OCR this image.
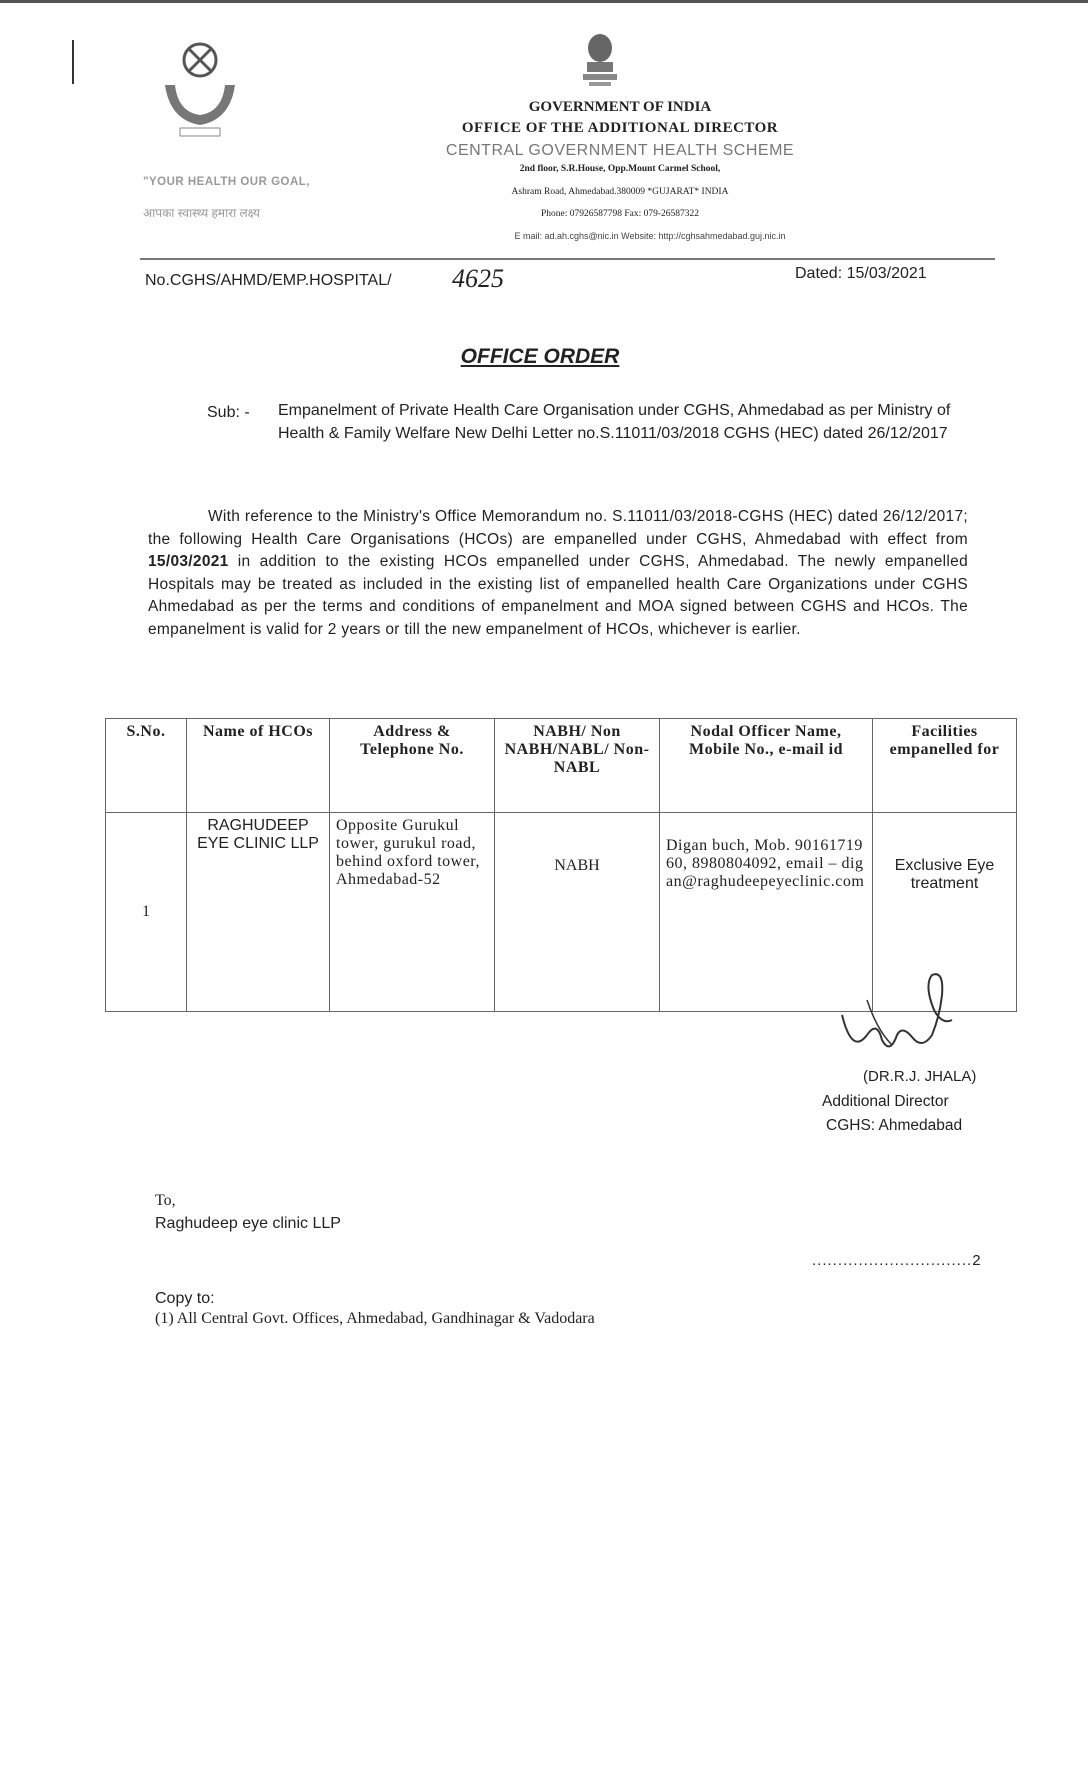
"YOUR HEALTH OUR GOAL,
आपका स्वास्थ्य हमारा लक्ष्य
GOVERNMENT OF INDIA
OFFICE OF THE ADDITIONAL DIRECTOR
CENTRAL GOVERNMENT HEALTH SCHEME
2nd floor, S.R.House, Opp.Mount Carmel School,
Ashram Road, Ahmedabad.380009 *GUJARAT* INDIA
Phone: 07926587798 Fax: 079-26587322
E mail: ad.ah.cghs@nic.in Website: http://cghsahmedabad.guj.nic.in
No.CGHS/AHMD/EMP.HOSPITAL/ 4625	Dated: 15/03/2021
OFFICE ORDER
Sub: - Empanelment of Private Health Care Organisation under CGHS, Ahmedabad as per Ministry of Health & Family Welfare New Delhi Letter no.S.11011/03/2018 CGHS (HEC) dated 26/12/2017
With reference to the Ministry's Office Memorandum no. S.11011/03/2018-CGHS (HEC) dated 26/12/2017; the following Health Care Organisations (HCOs) are empanelled under CGHS, Ahmedabad with effect from 15/03/2021 in addition to the existing HCOs empanelled under CGHS, Ahmedabad. The newly empanelled Hospitals may be treated as included in the existing list of empanelled health Care Organizations under CGHS Ahmedabad as per the terms and conditions of empanelment and MOA signed between CGHS and HCOs. The empanelment is valid for 2 years or till the new empanelment of HCOs, whichever is earlier.
S.No.	Name of HCOs	Address & Telephone No.	NABH/ Non NABH/NABL/ Non-NABL	Nodal Officer Name, Mobile No., e-mail id	Facilities empanelled for
1	RAGHUDEEP EYE CLINIC LLP	Opposite Gurukul tower, gurukul road, behind oxford tower, Ahmedabad-52	NABH	Digan buch, Mob. 9016171960, 8980804092, email – digan@raghudeepeyeclinic.com	Exclusive Eye treatment
(DR.R.J. JHALA)
Additional Director
CGHS: Ahmedabad
To,
Raghudeep eye clinic LLP
...............................2
Copy to:
(1) All Central Govt. Offices, Ahmedabad, Gandhinagar & Vadodara
